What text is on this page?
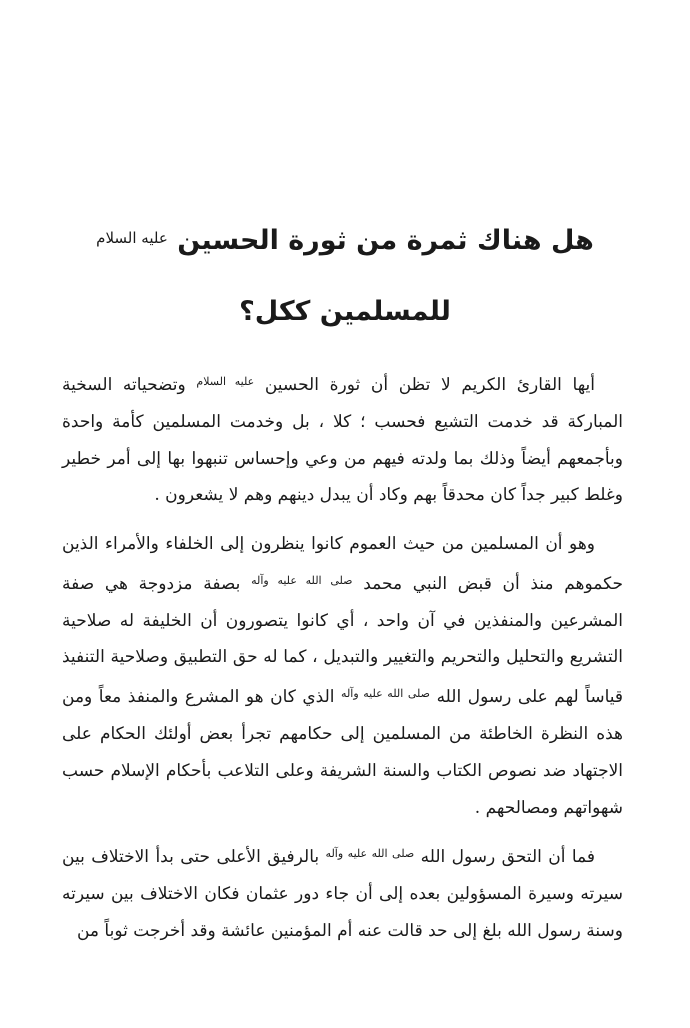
هل هناك ثمرة من ثورة الحسين $^{عليه السلام}$
للمسلمين ككل؟

أيها القارئ الكريم لا تظن أن ثورة الحسين $^{عليه السلام}$ وتضحياته السخية المباركة قد خدمت التشيع فحسب ؛ كلا ، بل وخدمت المسلمين كأمة واحدة وبأجمعهم أيضاً وذلك بما ولدته فيهم من وعي وإحساس تنبهوا بها إلى أمر خطير وغلط كبير جداً كان محدقاً بهم وكاد أن يبدل دينهم وهم لا يشعرون .

وهو أن المسلمين من حيث العموم كانوا ينظرون إلى الخلفاء والأمراء الذين حكموهم منذ أن قبض النبي محمد $^{صلى الله عليه وآله}$ بصفة مزدوجة هي صفة المشرعين والمنفذين في آن واحد ، أي كانوا يتصورون أن الخليفة له صلاحية التشريع والتحليل والتحريم والتغيير والتبديل ، كما له حق التطبيق وصلاحية التنفيذ قياساً لهم على رسول الله $^{صلى الله عليه وآله}$ الذي كان هو المشرع والمنفذ معاً ومن هذه النظرة الخاطئة من المسلمين إلى حكامهم تجرأ بعض أولئك الحكام على الاجتهاد ضد نصوص الكتاب والسنة الشريفة وعلى التلاعب بأحكام الإسلام حسب شهواتهم ومصالحهم .

فما أن التحق رسول الله $^{صلى الله عليه وآله}$ بالرفيق الأعلى حتى بدأ الاختلاف بين سيرته وسيرة المسؤولين بعده إلى أن جاء دور عثمان فكان الاختلاف بين سيرته وسنة رسول الله بلغ إلى حد قالت عنه أم المؤمنين عائشة وقد أخرجت ثوباً من
